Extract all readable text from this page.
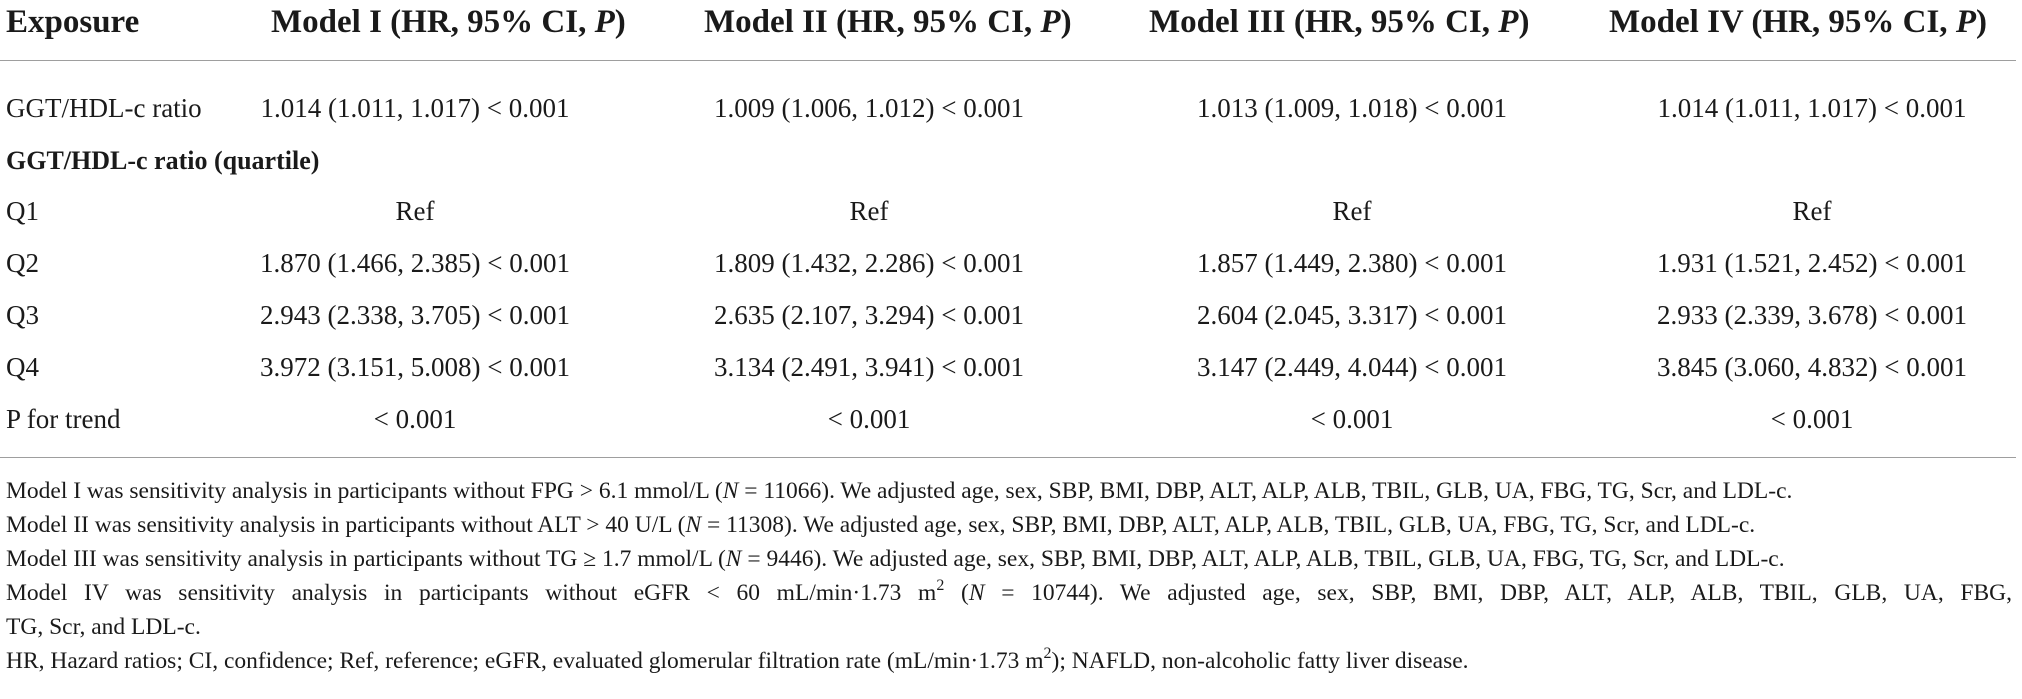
Exposure	Model I (HR, 95% CI, P) Model II (HR, 95% CI, P) Model III (HR, 95% CI, P) Model IV (HR, 95% CI, P)
GGT/HDL-c ratio	1.014 (1.011, 1.017) < 0.001	1.009 (1.006, 1.012) < 0.001	1.013 (1.009, 1.018) < 0.001	1.014 (1.011, 1.017) < 0.001
GGT/HDL-c ratio (quartile)
Q1	Ref	Ref	Ref	Ref
Q2	1.870 (1.466, 2.385) < 0.001	1.809 (1.432, 2.286) < 0.001	1.857 (1.449, 2.380) < 0.001	1.931 (1.521, 2.452) < 0.001
Q3	2.943 (2.338, 3.705) < 0.001	2.635 (2.107, 3.294) < 0.001	2.604 (2.045, 3.317) < 0.001	2.933 (2.339, 3.678) < 0.001
Q4	3.972 (3.151, 5.008) < 0.001	3.134 (2.491, 3.941) < 0.001	3.147 (2.449, 4.044) < 0.001	3.845 (3.060, 4.832) < 0.001
P for trend	< 0.001	< 0.001	< 0.001	< 0.001
Model I was sensitivity analysis in participants without FPG > 6.1 mmol/L (N = 11066). We adjusted age, sex, SBP, BMI, DBP, ALT, ALP, ALB, TBIL, GLB, UA, FBG, TG, Scr, and LDL-c.
Model II was sensitivity analysis in participants without ALT > 40 U/L (N = 11308). We adjusted age, sex, SBP, BMI, DBP, ALT, ALP, ALB, TBIL, GLB, UA, FBG, TG, Scr, and LDL-c.
Model III was sensitivity analysis in participants without TG ≥ 1.7 mmol/L (N = 9446). We adjusted age, sex, SBP, BMI, DBP, ALT, ALP, ALB, TBIL, GLB, UA, FBG, TG, Scr, and LDL-c.
Model IV was sensitivity analysis in participants without eGFR < 60 mL/min·1.73 $m^2$ (N = 10744). We adjusted age, sex, SBP, BMI, DBP, ALT, ALP, ALB, TBIL, GLB, UA, FBG,
TG, Scr, and LDL-c.
HR, Hazard ratios; CI, confidence; Ref, reference; eGFR, evaluated glomerular filtration rate (mL/min·1.73 $m^2$); NAFLD, non-alcoholic fatty liver disease.
